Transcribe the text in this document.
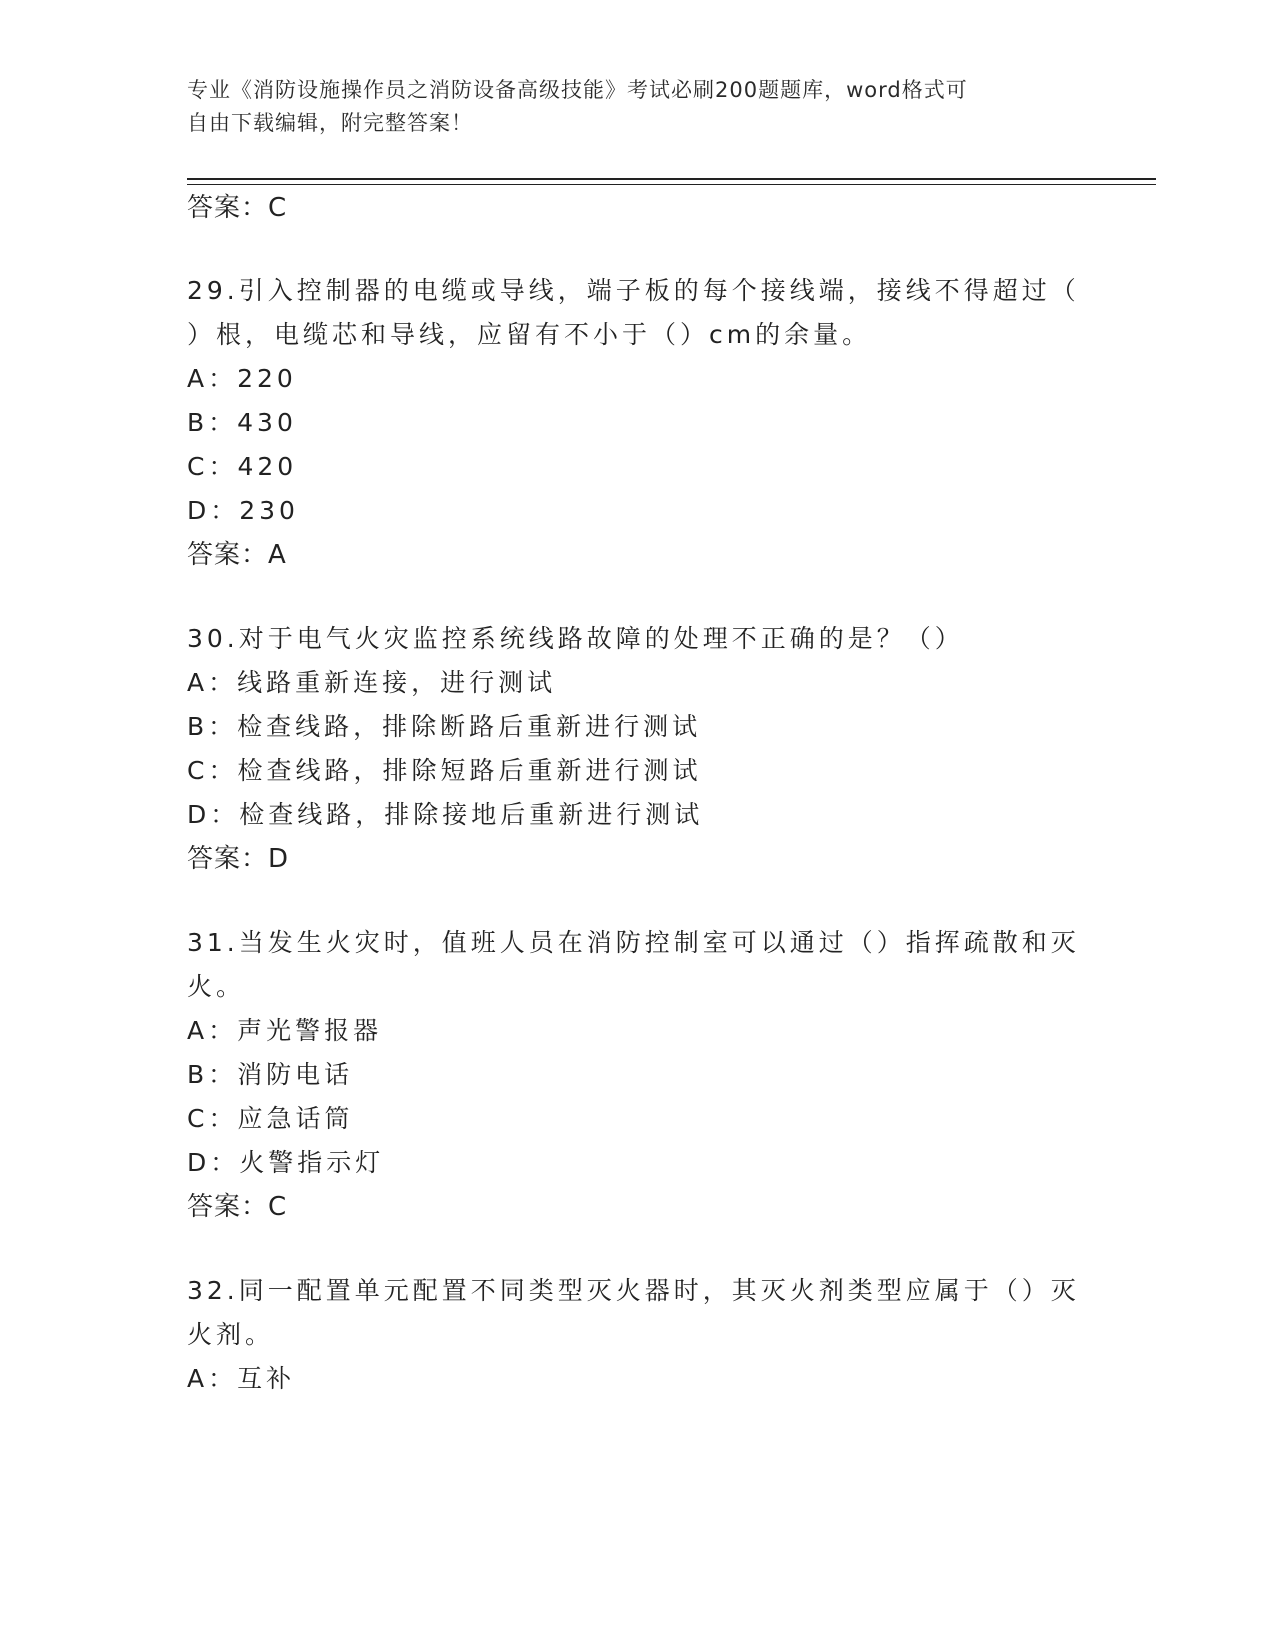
专业《消防设施操作员之消防设备高级技能》考试必刷200题题库，word格式可
自由下载编辑，附完整答案！
答案：C
29.引入控制器的电缆或导线，端子板的每个接线端，接线不得超过（
）根，电缆芯和导线，应留有不小于（）cm的余量。
A：220
B：430
C：420
D：230
答案：A
30.对于电气火灾监控系统线路故障的处理不正确的是？（）
A：线路重新连接，进行测试
B：检查线路，排除断路后重新进行测试
C：检查线路，排除短路后重新进行测试
D：检查线路，排除接地后重新进行测试
答案：D
31.当发生火灾时，值班人员在消防控制室可以通过（）指挥疏散和灭
火。
A：声光警报器
B：消防电话
C：应急话筒
D：火警指示灯
答案：C
32.同一配置单元配置不同类型灭火器时，其灭火剂类型应属于（）灭
火剂。
A：互补
